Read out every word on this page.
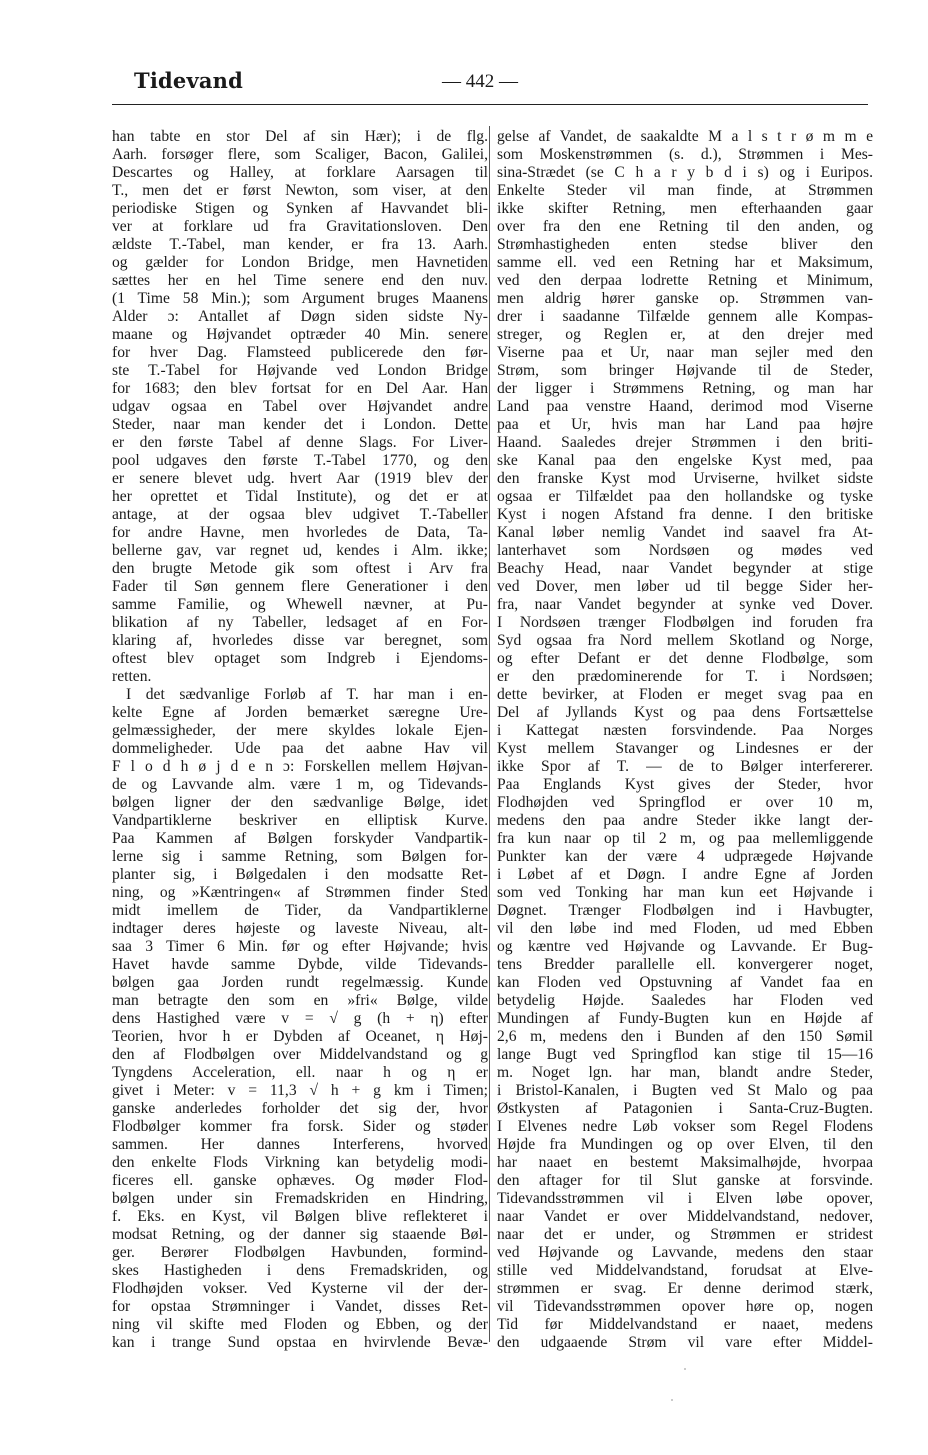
Tidevand	— 442 —
han tabte en stor Del af sin Hær); i de flg.
Aarh. forsøger flere, som Scaliger, Bacon, Galilei,
Descartes og Halley, at forklare Aarsagen til
T., men det er først Newton, som viser, at den
periodiske Stigen og Synken af Havvandet bli-
ver at forklare ud fra Gravitationsloven. Den
ældste T.-Tabel, man kender, er fra 13. Aarh.
og gælder for London Bridge, men Havnetiden
sættes her en hel Time senere end den nuv.
(1 Time 58 Min.); som Argument bruges Maanens
Alder ɔ: Antallet af Døgn siden sidste Ny-
maane og Højvandet optræder 40 Min. senere
for hver Dag. Flamsteed publicerede den før-
ste T.-Tabel for Højvande ved London Bridge
for 1683; den blev fortsat for en Del Aar. Han
udgav ogsaa en Tabel over Højvandet andre
Steder, naar man kender det i London. Dette
er den første Tabel af denne Slags. For Liver-
pool udgaves den første T.-Tabel 1770, og den
er senere blevet udg. hvert Aar (1919 blev der
her oprettet et Tidal Institute), og det er at
antage, at der ogsaa blev udgivet T.-Tabeller
for andre Havne, men hvorledes de Data, Ta-
bellerne gav, var regnet ud, kendes i Alm. ikke;
den brugte Metode gik som oftest i Arv fra
Fader til Søn gennem flere Generationer i den
samme Familie, og Whewell nævner, at Pu-
blikation af ny Tabeller, ledsaget af en For-
klaring af, hvorledes disse var beregnet, som
oftest blev optaget som Indgreb i Ejendoms-
retten.
I det sædvanlige Forløb af T. har man i en-
kelte Egne af Jorden bemærket særegne Ure-
gelmæssigheder, der mere skyldes lokale Ejen-
dommeligheder. Ude paa det aabne Hav vil
F l o d h ø j d e n ɔ: Forskellen mellem Højvan-
de og Lavvande alm. være 1 m, og Tidevands-
bølgen ligner der den sædvanlige Bølge, idet
Vandpartiklerne beskriver en elliptisk Kurve.
Paa Kammen af Bølgen forskyder Vandpartik-
lerne sig i samme Retning, som Bølgen for-
planter sig, i Bølgedalen i den modsatte Ret-
ning, og »Kæntringen« af Strømmen finder Sted
midt imellem de Tider, da Vandpartiklerne
indtager deres højeste og laveste Niveau, alt-
saa 3 Timer 6 Min. før og efter Højvande; hvis
Havet havde samme Dybde, vilde Tidevands-
bølgen gaa Jorden rundt regelmæssig. Kunde
man betragte den som en »fri« Bølge, vilde
dens Hastighed være v = √ g (h + η) efter
Teorien, hvor h er Dybden af Oceanet, η Høj-
den af Flodbølgen over Middelvandstand og g
Tyngdens Acceleration, ell. naar h og η er
givet i Meter: v = 11,3 √ h + g km i Timen;
ganske anderledes forholder det sig der, hvor
Flodbølger kommer fra forsk. Sider og støder
sammen. Her dannes Interferens, hvorved
den enkelte Flods Virkning kan betydelig modi-
ficeres ell. ganske ophæves. Og møder Flod-
bølgen under sin Fremadskriden en Hindring,
f. Eks. en Kyst, vil Bølgen blive reflekteret i
modsat Retning, og der danner sig staaende Bøl-
ger. Berører Flodbølgen Havbunden, formind-
skes Hastigheden i dens Fremadskriden, og
Flodhøjden vokser. Ved Kysterne vil der der-
for opstaa Strømninger i Vandet, disses Ret-
ning vil skifte med Floden og Ebben, og der
kan i trange Sund opstaa en hvirvlende Bevæ-
gelse af Vandet, de saakaldte M a l s t r ø m m e
som Moskenstrømmen (s. d.), Strømmen i Mes-
sina-Strædet (se C h a r y b d i s) og i Euripos.
Enkelte Steder vil man finde, at Strømmen
ikke skifter Retning, men efterhaanden gaar
over fra den ene Retning til den anden, og
Strømhastigheden enten stedse bliver den
samme ell. ved een Retning har et Maksimum,
ved den derpaa lodrette Retning et Minimum,
men aldrig hører ganske op. Strømmen van-
drer i saadanne Tilfælde gennem alle Kompas-
streger, og Reglen er, at den drejer med
Viserne paa et Ur, naar man sejler med den
Strøm, som bringer Højvande til de Steder,
der ligger i Strømmens Retning, og man har
Land paa venstre Haand, derimod mod Viserne
paa et Ur, hvis man har Land paa højre
Haand. Saaledes drejer Strømmen i den briti-
ske Kanal paa den engelske Kyst med, paa
den franske Kyst mod Urviserne, hvilket sidste
ogsaa er Tilfældet paa den hollandske og tyske
Kyst i nogen Afstand fra denne. I den britiske
Kanal løber nemlig Vandet ind saavel fra At-
lanterhavet som Nordsøen og mødes ved
Beachy Head, naar Vandet begynder at stige
ved Dover, men løber ud til begge Sider her-
fra, naar Vandet begynder at synke ved Dover.
I Nordsøen trænger Flodbølgen ind foruden fra
Syd ogsaa fra Nord mellem Skotland og Norge,
og efter Defant er det denne Flodbølge, som
er den prædominerende for T. i Nordsøen;
dette bevirker, at Floden er meget svag paa en
Del af Jyllands Kyst og paa dens Fortsættelse
i Kattegat næsten forsvindende. Paa Norges
Kyst mellem Stavanger og Lindesnes er der
ikke Spor af T. — de to Bølger interfererer.
Paa Englands Kyst gives der Steder, hvor
Flodhøjden ved Springflod er over 10 m,
medens den paa andre Steder ikke langt der-
fra kun naar op til 2 m, og paa mellemliggende
Punkter kan der være 4 udprægede Højvande
i Løbet af et Døgn. I andre Egne af Jorden
som ved Tonking har man kun eet Højvande i
Døgnet. Trænger Flodbølgen ind i Havbugter,
vil den løbe ind med Floden, ud med Ebben
og kæntre ved Højvande og Lavvande. Er Bug-
tens Bredder parallelle ell. konvergerer noget,
kan Floden ved Opstuvning af Vandet faa en
betydelig Højde. Saaledes har Floden ved
Mundingen af Fundy-Bugten kun en Højde af
2,6 m, medens den i Bunden af den 150 Sømil
lange Bugt ved Springflod kan stige til 15—16
m. Noget lgn. har man, blandt andre Steder,
i Bristol-Kanalen, i Bugten ved St Malo og paa
Østkysten af Patagonien i Santa-Cruz-Bugten.
I Elvenes nedre Løb vokser som Regel Flodens
Højde fra Mundingen og op over Elven, til den
har naaet en bestemt Maksimalhøjde, hvorpaa
den aftager for til Slut ganske at forsvinde.
Tidevandsstrømmen vil i Elven løbe opover,
naar Vandet er over Middelvandstand, nedover,
naar det er under, og Strømmen er stridest
ved Højvande og Lavvande, medens den staar
stille ved Middelvandstand, forudsat at Elve-
strømmen er svag. Er denne derimod stærk,
vil Tidevandsstrømmen opover høre op, nogen
Tid før Middelvandstand er naaet, medens
den udgaaende Strøm vil vare efter Middel-
